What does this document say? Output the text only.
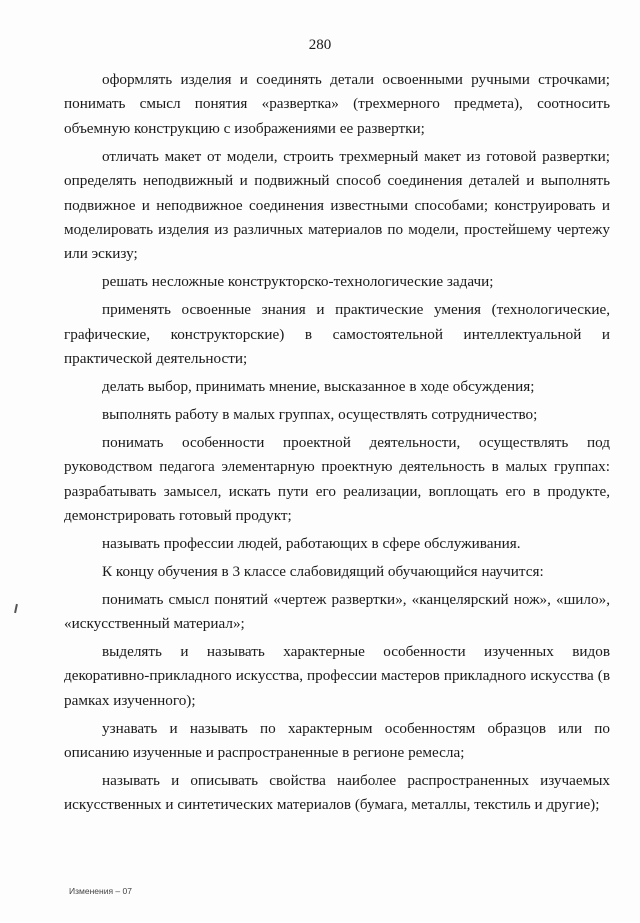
280

оформлять изделия и соединять детали освоенными ручными строчками; понимать смысл понятия «развертка» (трехмерного предмета), соотносить объемную конструкцию с изображениями ее развертки;

отличать макет от модели, строить трехмерный макет из готовой развертки; определять неподвижный и подвижный способ соединения деталей и выполнять подвижное и неподвижное соединения известными способами; конструировать и моделировать изделия из различных материалов по модели, простейшему чертежу или эскизу;

решать несложные конструкторско-технологические задачи;

применять освоенные знания и практические умения (технологические, графические, конструкторские) в самостоятельной интеллектуальной и практической деятельности;

делать выбор, принимать мнение, высказанное в ходе обсуждения;

выполнять работу в малых группах, осуществлять сотрудничество;

понимать особенности проектной деятельности, осуществлять под руководством педагога элементарную проектную деятельность в малых группах: разрабатывать замысел, искать пути его реализации, воплощать его в продукте, демонстрировать готовый продукт;

называть профессии людей, работающих в сфере обслуживания.

К концу обучения в 3 классе слабовидящий обучающийся научится:

понимать смысл понятий «чертеж развертки», «канцелярский нож», «шило», «искусственный материал»;

выделять и называть характерные особенности изученных видов декоративно-прикладного искусства, профессии мастеров прикладного искусства (в рамках изученного);

узнавать и называть по характерным особенностям образцов или по описанию изученные и распространенные в регионе ремесла;

называть и описывать свойства наиболее распространенных изучаемых искусственных и синтетических материалов (бумага, металлы, текстиль и другие);

Изменения – 07
